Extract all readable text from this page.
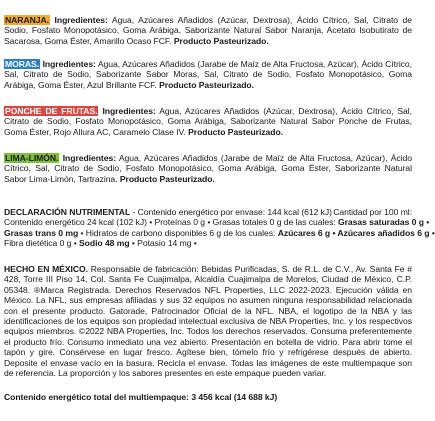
NARANJA. Ingredientes: Agua, Azúcares Añadidos (Azúcar, Dextrosa), Ácido Cítrico, Sal, Citrato de Sodio, Fosfato Monopotásico, Goma Arábiga, Saborizante Natural Sabor Naranja, Acetato Isobutirato de Sacarosa, Goma Éster, Amarillo Ocaso FCF. Producto Pasteurizado.

MORAS. Ingredientes: Agua, Azúcares Añadidos (Jarabe de Maíz de Alta Fructosa, Azúcar), Ácido Cítrico, Sal, Citrato de Sodio, Saborizante Sabor Moras, Sal, Citrato de Sodio, Fosfato Monopotásico, Goma Arábiga, Goma Éster, Azul Brillante FCF. Producto Pasteurizado.

PONCHE DE FRUTAS. Ingredientes: Agua, Azúcares Añadidos (Azúcar, Dextrosa), Ácido Cítrico, Sal, Citrato de Sodio, Fosfato Monopotásico, Goma Arábiga, Saborizante Natural Sabor Ponche de Frutas, Goma Éster, Rojo Allura AC, Caramelo Clase IV. Producto Pasteurizado.

LIMA-LIMÓN. Ingredientes: Agua, Azúcares Añadidos (Jarabe de Maíz de Alta Fructosa, Azúcar), Ácido Cítrico, Sal, Citrato de Sodio, Fosfato Monopotásico, Goma Arábiga, Goma Éster, Saborizante Natural Sabor Lima-Limón, Tartrazina. Producto Pasteurizado.

DECLARACIÓN NUTRIMENTAL - Contenido energético por envase: 144 kcal (612 kJ) Cantidad por 100 ml:
Contenido energético 24 kcal (102 kJ) • Proteínas 0 g • Grasas totales 0 g de las cuales: Grasas saturadas 0 g •
Grasas trans 0 mg • Hidratos de carbono disponibles 6 g de los cuales: Azúcares 6 g • Azúcares añadidos 6 g •
Fibra dietética 0 g • Sodio 48 mg • Potasio 14 mg •

HECHO EN MÉXICO. Responsable de fabricación: Bebidas Purificadas, S. de R.L. de C.V., Av. Santa Fe # 428, Torre III Piso 14, Col. Santa Fe Cuajimalpa, Alcaldía Cuajimalpa de Morelos, Ciudad de México, C.P. 05348. ®Marca Registrada. Derechos Reservados NFL Properties, LLC 2022-2023. Ejecución válida en México. La NFL, sus empresas afiliadas y sus 32 equipos no asumen ninguna responsabilidad relacionada con el presente producto. Gatorade, Patrocinador Oficial de la NFL. NBA, el logotipo de la NBA y las identificaciones de los equipos son propiedad intelectual exclusiva de NBA Properties, Inc. y los respectivos equipos miembros. ©2022 NBA Properties, Inc. Todos los derechos reservados. Consuma preferentemente el producto frío. Consumo inmediato una vez abierto. Presentación en botella de vidrio. Para abrir tome el tapón y gire. Consérvese en lugar fresco. Agítese bien, tómelo frío y refrigérese después de abierto. Deposite el envase vacío en la basura. Recicla el envase. Todas las imágenes de este multiempaque son de referencia. La proporción y los sabores presentes en este empaque pueden variar.

Contenido energético total del multiempaque: 3 456 kcal (14 688 kJ)
